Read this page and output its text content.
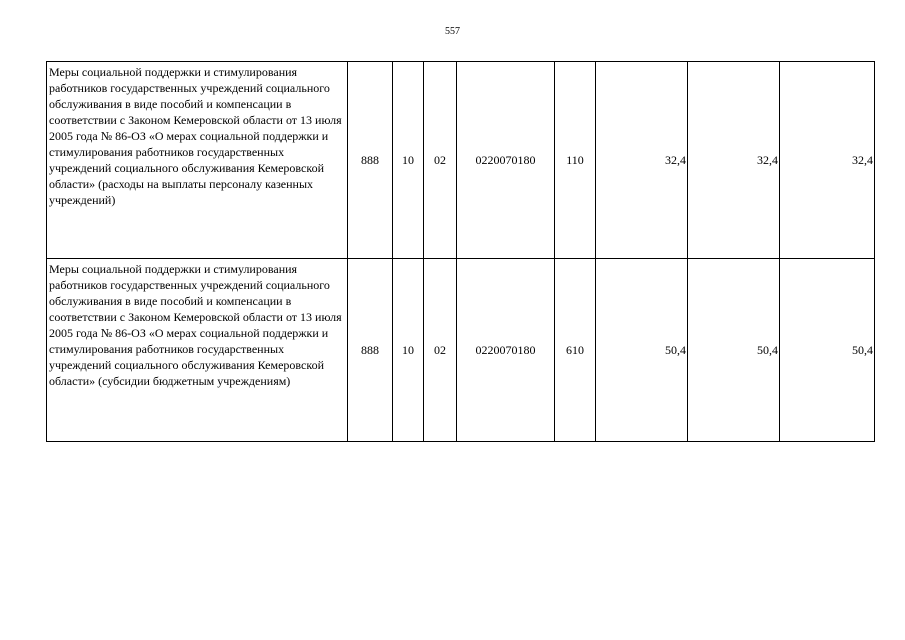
557
Меры социальной поддержки и стимулирования работников государственных учреждений социального обслуживания в виде пособий и компенсации в соответствии с Законом Кемеровской области от 13 июля 2005 года № 86-ОЗ «О мерах социальной поддержки и стимулирования работников государственных учреждений социального обслуживания Кемеровской области» (расходы на выплаты персоналу казенных учреждений)	888	10	02	0220070180	110	32,4	32,4	32,4
Меры социальной поддержки и стимулирования работников государственных учреждений социального обслуживания в виде пособий и компенсации в соответствии с Законом Кемеровской области от 13 июля 2005 года № 86-ОЗ «О мерах социальной поддержки и стимулирования работников государственных учреждений социального обслуживания Кемеровской области» (субсидии бюджетным учреждениям)	888	10	02	0220070180	610	50,4	50,4	50,4
